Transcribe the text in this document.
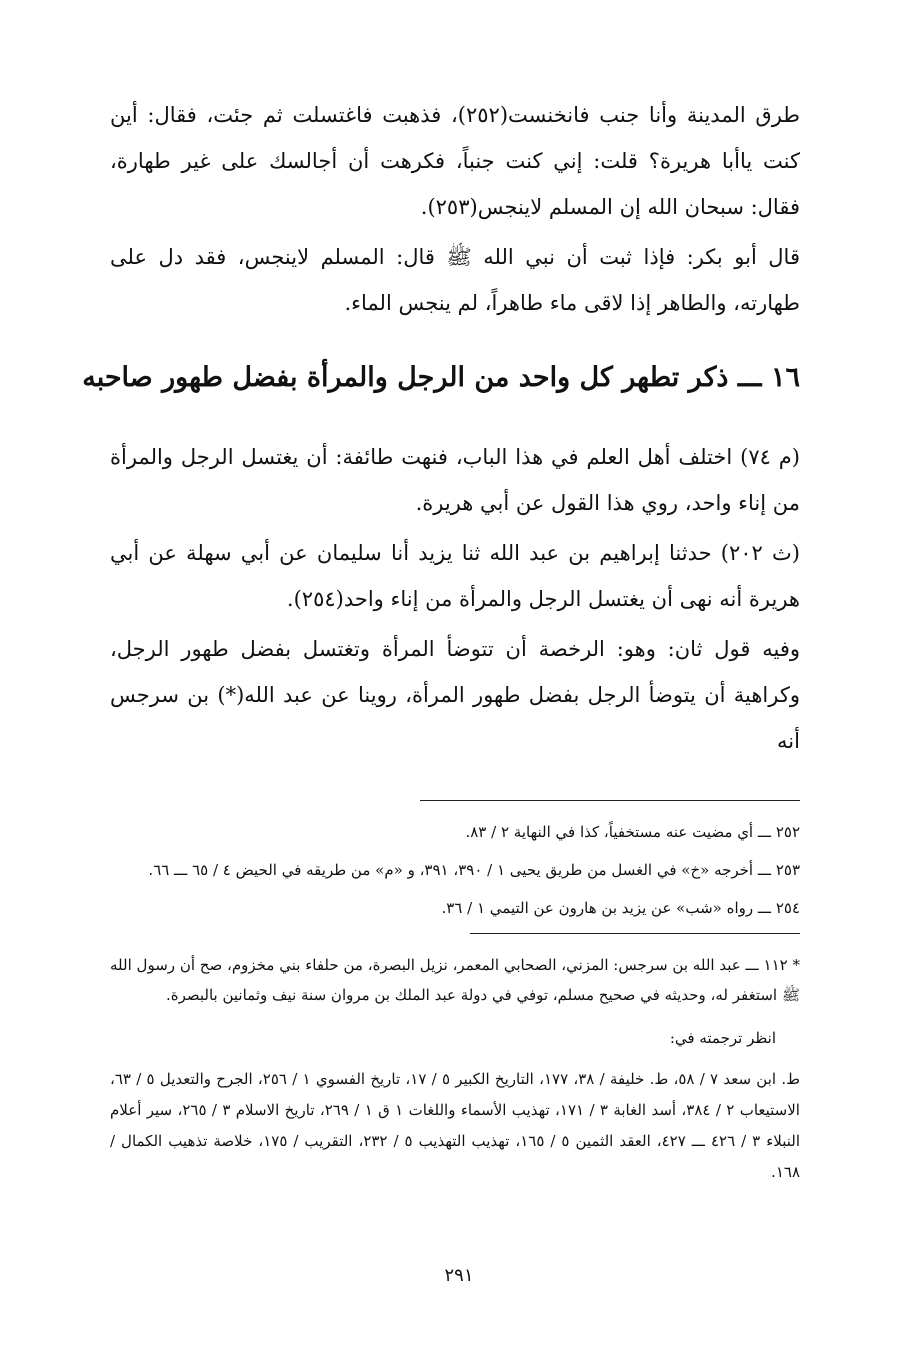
طرق المدينة وأنا جنب فانخنست(٢٥٢)، فذهبت فاغتسلت ثم جئت، فقال: أين كنت ياأبا هريرة؟ قلت: إني كنت جنباً، فكرهت أن أجالسك على غير طهارة، فقال: سبحان الله إن المسلم لاينجس(٢٥٣).

قال أبو بكر: فإذا ثبت أن نبي الله ﷺ قال: المسلم لاينجس، فقد دل على طهارته، والطاهر إذا لاقى ماء طاهراً، لم ينجس الماء.

١٦ ـــ ذكر تطهر كل واحد من الرجل والمرأة بفضل طهور صاحبه

(م ٧٤) اختلف أهل العلم في هذا الباب، فنهت طائفة: أن يغتسل الرجل والمرأة من إناء واحد، روي هذا القول عن أبي هريرة.

(ث ٢٠٢) حدثنا إبراهيم بن عبد الله ثنا يزيد أنا سليمان عن أبي سهلة عن أبي هريرة أنه نهى أن يغتسل الرجل والمرأة من إناء واحد(٢٥٤).

وفيه قول ثان: وهو: الرخصة أن تتوضأ المرأة وتغتسل بفضل طهور الرجل، وكراهية أن يتوضأ الرجل بفضل طهور المرأة، روينا عن عبد الله(*) بن سرجس أنه

٢٥٢ ـــ أي مضيت عنه مستخفياً، كذا في النهاية ٢ / ٨٣.

٢٥٣ ـــ أخرجه «خ» في الغسل من طريق يحيى ١ / ٣٩٠، ٣٩١، و «م» من طريقه في الحيض ٤ / ٦٥ ـــ ٦٦.

٢٥٤ ـــ رواه «شب» عن يزيد بن هارون عن التيمي ١ / ٣٦.

* ١١٢ ـــ عبد الله بن سرجس: المزني، الصحابي المعمر، نزيل البصرة، من حلفاء بني مخزوم، صح أن رسول الله ﷺ استغفر له، وحديثه في صحيح مسلم، توفي في دولة عبد الملك بن مروان سنة نيف وثمانين بالبصرة.

انظر ترجمته في:

ط. ابن سعد ٧ / ٥٨، ط. خليفة / ٣٨، ١٧٧، التاريخ الكبير ٥ / ١٧، تاريخ الفسوي ١ / ٢٥٦، الجرح والتعديل ٥ / ٦٣، الاستيعاب ٢ / ٣٨٤، أسد الغابة ٣ / ١٧١، تهذيب الأسماء واللغات ١ ق ١ / ٢٦٩، تاريخ الاسلام ٣ / ٢٦٥، سير أعلام النبلاء ٣ / ٤٢٦ ـــ ٤٢٧، العقد الثمين ٥ / ١٦٥، تهذيب التهذيب ٥ / ٢٣٢، التقريب / ١٧٥، خلاصة تذهيب الكمال / ١٦٨.

٢٩١
